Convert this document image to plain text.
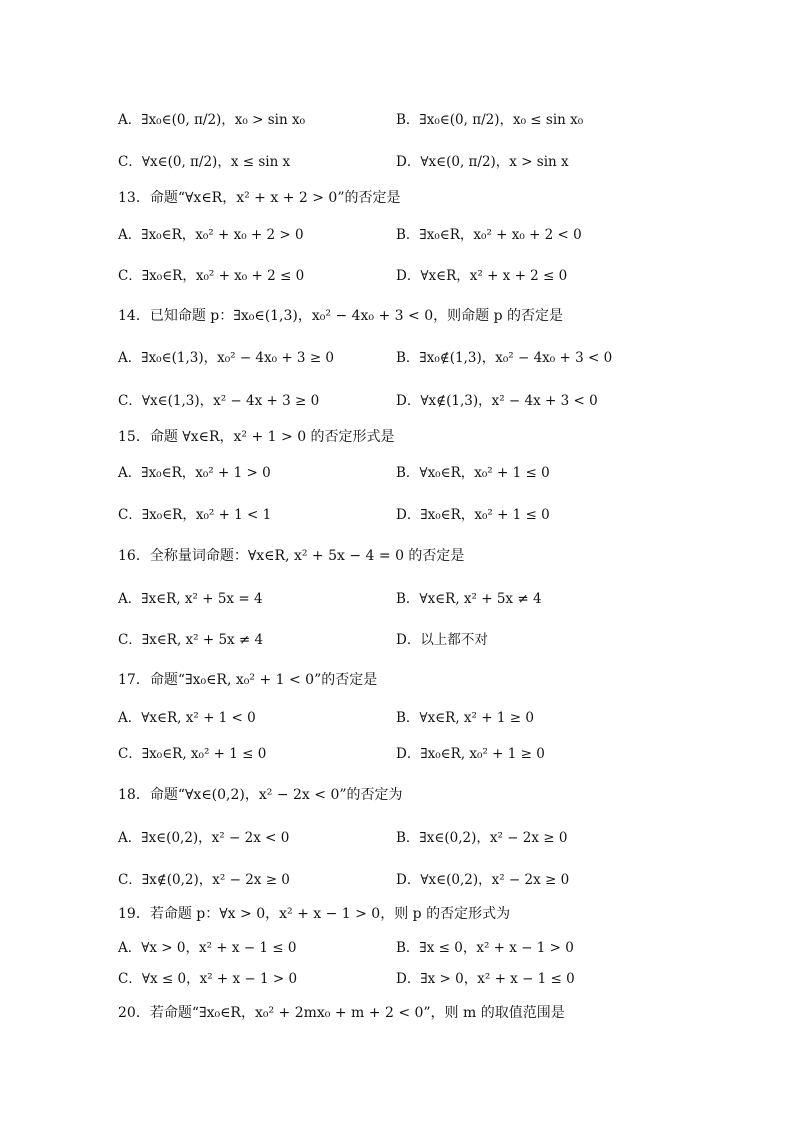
A．∃x₀∈(0, π/2)，x₀ > sin x₀	B．∃x₀∈(0, π/2)，x₀ ≤ sin x₀
C．∀x∈(0, π/2)，x ≤ sin x	D．∀x∈(0, π/2)，x > sin x
13．命题“∀x∈R，x² + x + 2 > 0”的否定是
A．∃x₀∈R，x₀² + x₀ + 2 > 0	B．∃x₀∈R，x₀² + x₀ + 2 < 0
C．∃x₀∈R，x₀² + x₀ + 2 ≤ 0	D．∀x∈R，x² + x + 2 ≤ 0
14．已知命题 p：∃x₀∈(1,3)，x₀² − 4x₀ + 3 < 0，则命题 p 的否定是
A．∃x₀∈(1,3)，x₀² − 4x₀ + 3 ≥ 0	B．∃x₀∉(1,3)，x₀² − 4x₀ + 3 < 0
C．∀x∈(1,3)，x² − 4x + 3 ≥ 0	D．∀x∉(1,3)，x² − 4x + 3 < 0
15．命题 ∀x∈R，x² + 1 > 0 的否定形式是
A．∃x₀∈R，x₀² + 1 > 0	B．∀x₀∈R，x₀² + 1 ≤ 0
C．∃x₀∈R，x₀² + 1 < 1	D．∃x₀∈R，x₀² + 1 ≤ 0
16．全称量词命题：∀x∈R, x² + 5x − 4 = 0 的否定是
A．∃x∈R, x² + 5x = 4	B．∀x∈R, x² + 5x ≠ 4
C．∃x∈R, x² + 5x ≠ 4	D．以上都不对
17．命题“∃x₀∈R, x₀² + 1 < 0”的否定是
A．∀x∈R, x² + 1 < 0	B．∀x∈R, x² + 1 ≥ 0
C．∃x₀∈R, x₀² + 1 ≤ 0	D．∃x₀∈R, x₀² + 1 ≥ 0
18．命题“∀x∈(0,2)，x² − 2x < 0”的否定为
A．∃x∈(0,2)，x² − 2x < 0	B．∃x∈(0,2)，x² − 2x ≥ 0
C．∃x∉(0,2)，x² − 2x ≥ 0	D．∀x∈(0,2)，x² − 2x ≥ 0
19．若命题 p：∀x > 0，x² + x − 1 > 0，则 p 的否定形式为
A．∀x > 0，x² + x − 1 ≤ 0	B．∃x ≤ 0，x² + x − 1 > 0
C．∀x ≤ 0，x² + x − 1 > 0	D．∃x > 0，x² + x − 1 ≤ 0
20．若命题“∃x₀∈R，x₀² + 2mx₀ + m + 2 < 0”，则 m 的取值范围是
